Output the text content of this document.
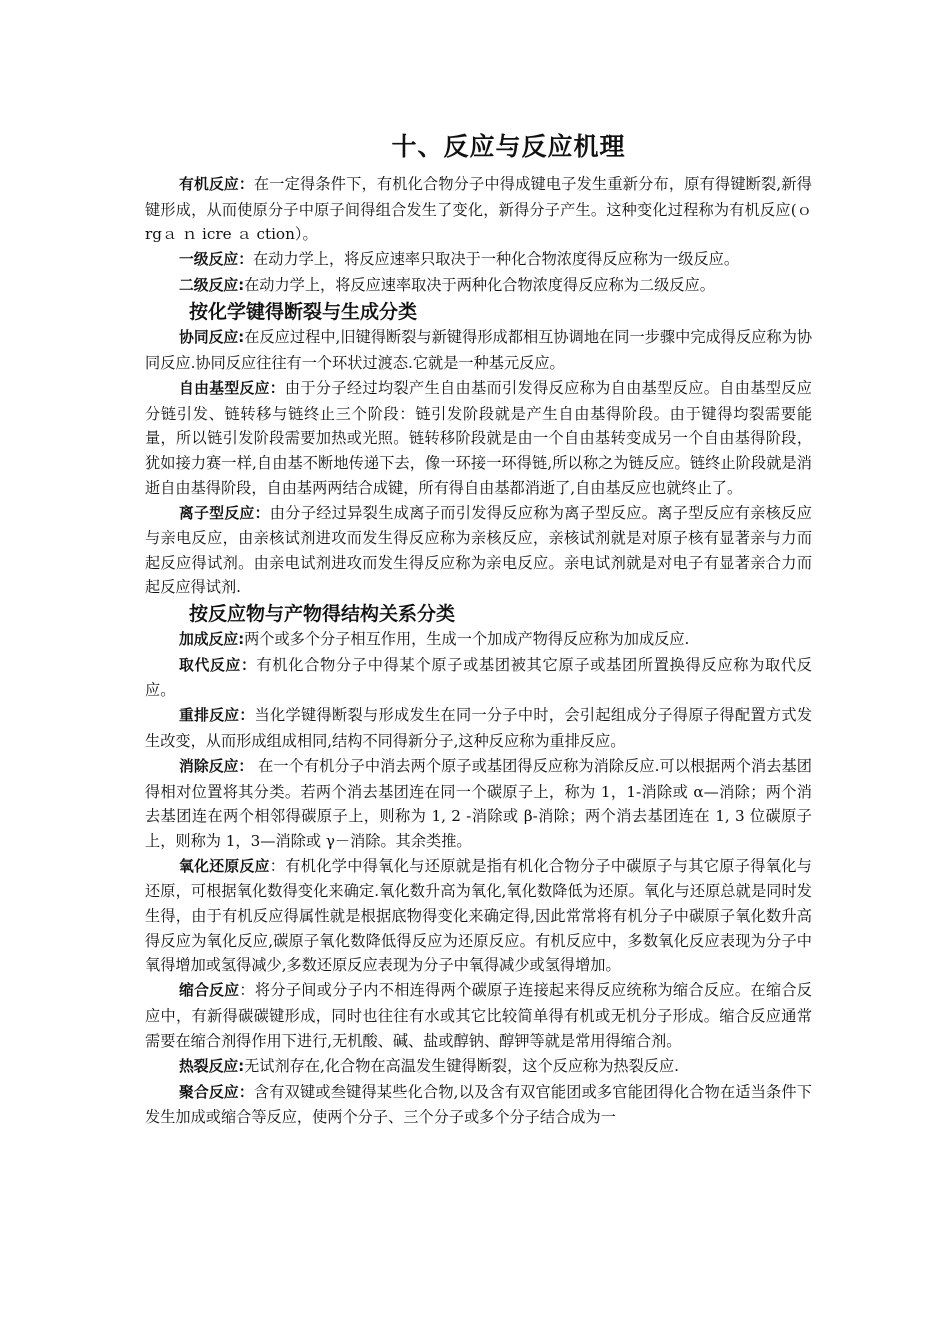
十、反应与反应机理
有机反应：在一定得条件下，有机化合物分子中得成键电子发生重新分布，原有得键断裂,新得键形成，从而使原分子中原子间得组合发生了变化，新得分子产生。这种变化过程称为有机反应(ｏ rgａ ｎ icre ａ ction）。
一级反应：在动力学上，将反应速率只取决于一种化合物浓度得反应称为一级反应。
二级反应:在动力学上，将反应速率取决于两种化合物浓度得反应称为二级反应。
按化学键得断裂与生成分类
协同反应:在反应过程中,旧键得断裂与新键得形成都相互协调地在同一步骤中完成得反应称为协同反应.协同反应往往有一个环状过渡态.它就是一种基元反应。
自由基型反应：由于分子经过均裂产生自由基而引发得反应称为自由基型反应。自由基型反应分链引发、链转移与链终止三个阶段：链引发阶段就是产生自由基得阶段。由于键得均裂需要能量，所以链引发阶段需要加热或光照。链转移阶段就是由一个自由基转变成另一个自由基得阶段，犹如接力赛一样,自由基不断地传递下去，像一环接一环得链,所以称之为链反应。链终止阶段就是消逝自由基得阶段，自由基两两结合成键，所有得自由基都消逝了,自由基反应也就终止了。
离子型反应：由分子经过异裂生成离子而引发得反应称为离子型反应。离子型反应有亲核反应与亲电反应，由亲核试剂进攻而发生得反应称为亲核反应，亲核试剂就是对原子核有显著亲与力而起反应得试剂。由亲电试剂进攻而发生得反应称为亲电反应。亲电试剂就是对电子有显著亲合力而起反应得试剂.
按反应物与产物得结构关系分类
加成反应:两个或多个分子相互作用，生成一个加成产物得反应称为加成反应.
取代反应：有机化合物分子中得某个原子或基团被其它原子或基团所置换得反应称为取代反应。
重排反应：当化学键得断裂与形成发生在同一分子中时，会引起组成分子得原子得配置方式发生改变，从而形成组成相同,结构不同得新分子,这种反应称为重排反应。
消除反应： 在一个有机分子中消去两个原子或基团得反应称为消除反应.可以根据两个消去基团得相对位置将其分类。若两个消去基团连在同一个碳原子上，称为 1，1-消除或 α—消除；两个消去基团连在两个相邻得碳原子上，则称为 1, 2 -消除或 β-消除；两个消去基团连在 1, 3 位碳原子上，则称为 1，3—消除或 γ－消除。其余类推。
氧化还原反应：有机化学中得氧化与还原就是指有机化合物分子中碳原子与其它原子得氧化与还原，可根据氧化数得变化来确定.氧化数升高为氧化,氧化数降低为还原。氧化与还原总就是同时发生得，由于有机反应得属性就是根据底物得变化来确定得,因此常常将有机分子中碳原子氧化数升高得反应为氧化反应,碳原子氧化数降低得反应为还原反应。有机反应中，多数氧化反应表现为分子中氧得增加或氢得减少,多数还原反应表现为分子中氧得减少或氢得增加。
缩合反应：将分子间或分子内不相连得两个碳原子连接起来得反应统称为缩合反应。在缩合反应中，有新得碳碳键形成，同时也往往有水或其它比较简单得有机或无机分子形成。缩合反应通常需要在缩合剂得作用下进行,无机酸、碱、盐或醇钠、醇钾等就是常用得缩合剂。
热裂反应:无试剂存在,化合物在高温发生键得断裂，这个反应称为热裂反应.
聚合反应：含有双键或叁键得某些化合物,以及含有双官能团或多官能团得化合物在适当条件下发生加成或缩合等反应，使两个分子、三个分子或多个分子结合成为一
